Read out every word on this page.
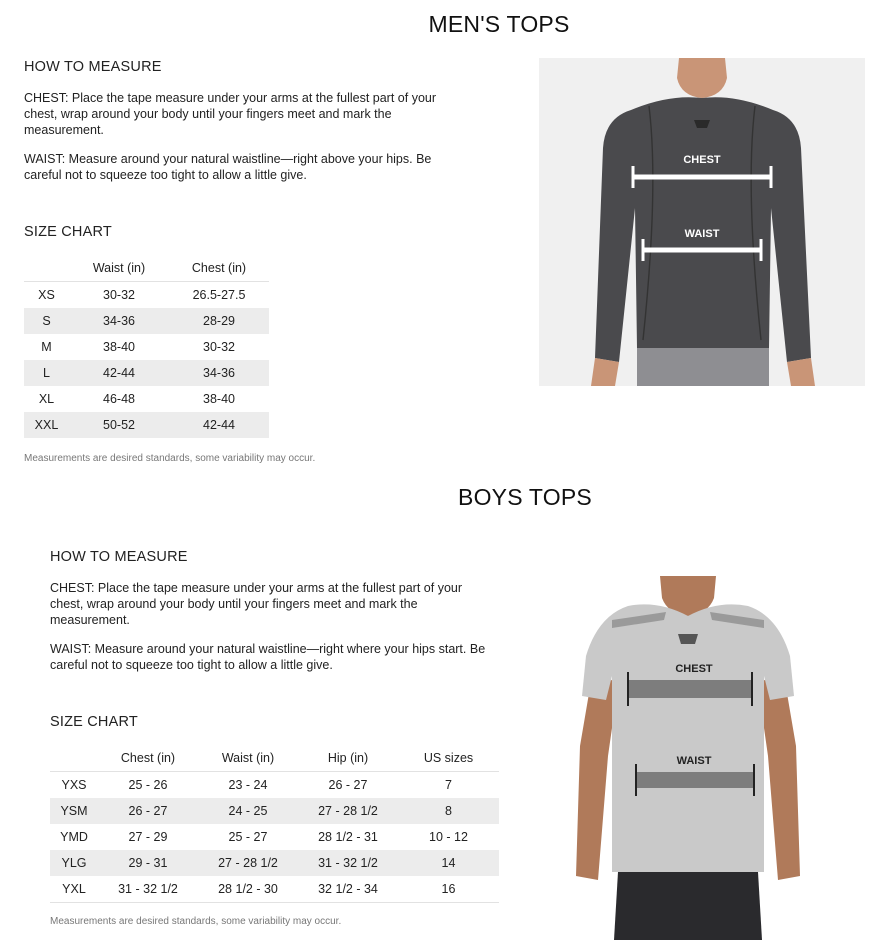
MEN'S TOPS
HOW TO MEASURE
CHEST: Place the tape measure under your arms at the fullest part of your chest, wrap around your body until your fingers meet and mark the measurement.
WAIST: Measure around your natural waistline—right above your hips. Be careful not to squeeze too tight to allow a little give.
SIZE CHART
	Waist (in)	Chest (in)
XS	30-32	26.5-27.5
S	34-36	28-29
M	38-40	30-32
L	42-44	34-36
XL	46-48	38-40
XXL	50-52	42-44
Measurements are desired standards, some variability may occur.
CHEST
WAIST
BOYS TOPS
HOW TO MEASURE
CHEST: Place the tape measure under your arms at the fullest part of your chest, wrap around your body until your fingers meet and mark the measurement.
WAIST: Measure around your natural waistline—right where your hips start. Be careful not to squeeze too tight to allow a little give.
SIZE CHART
	Chest (in)	Waist (in)	Hip (in)	US sizes
YXS	25 - 26	23 - 24	26 - 27	7
YSM	26 - 27	24 - 25	27 - 28 1/2	8
YMD	27 - 29	25 - 27	28 1/2 - 31	10 - 12
YLG	29 - 31	27 - 28 1/2	31 - 32 1/2	14
YXL	31 - 32 1/2	28 1/2 - 30	32 1/2 - 34	16
Measurements are desired standards, some variability may occur.
CHEST
WAIST
